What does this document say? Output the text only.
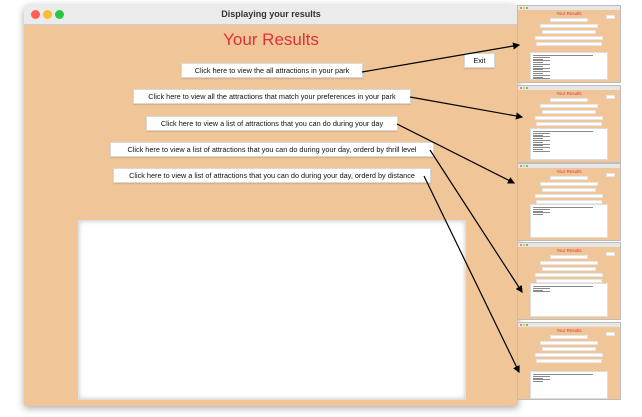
Displaying your results
Your Results
Exit
Click here to view the all attractions in your park
Click here to view all the attractions that match your preferences in your park
Click here to view a list of attractions that you can do during your day
Click here to view a list of attractions that you can do during your day, orderd by thrill level
Click here to view a list of attractions that you can do during your day, orderd by distance
Your Results
Your Results
Your Results
Your Results
Your Results
